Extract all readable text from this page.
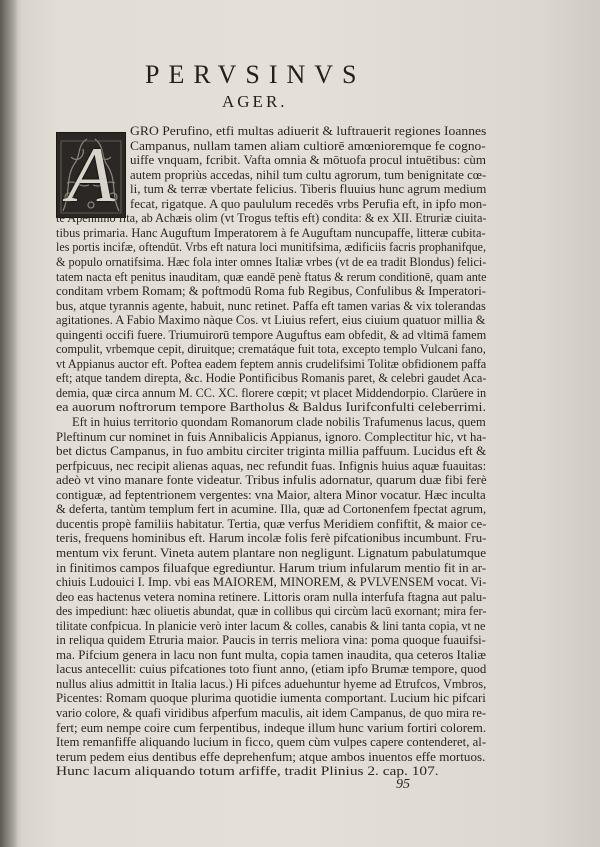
PERVSINVS
AGER.
A	GRO Perufino, etfi multas adiuerit & luftrauerit regiones Ioannes
Campanus, nullam tamen aliam cultiorē amœnioremque fe cogno-
uiffe vnquam, fcribit. Vafta omnia & mōtuofa procul intuētibus: cùm
autem propriùs accedas, nihil tum cultu agrorum, tum benignitate cœ-
li, tum & terræ vbertate felicius. Tiberis fluuius hunc agrum medium
fecat, rigatque. A quo paululum recedēs vrbs Perufia eft, in ipfo mon-
te Apennino fita, ab Achæis olim (vt Trogus teftis eft) condita: & ex XII. Etruriæ ciuita-
tibus primaria. Hanc Auguftum Imperatorem à fe Auguftam nuncupaffe, litteræ cubita-
les portis incifæ, oftendūt. Vrbs eft natura loci munitifsima, ædificiis facris prophanifque,
& populo ornatifsima. Hæc fola inter omnes Italiæ vrbes (vt de ea tradit Blondus) felici-
tatem nacta eft penitus inauditam, quæ eandē penè ftatus & rerum conditionē, quam ante
conditam vrbem Romam; & poftmodū Roma fub Regibus, Confulibus & Imperatori-
bus, atque tyrannis agente, habuit, nunc retinet. Paffa eft tamen varias & vix tolerandas
agitationes. A Fabio Maximo nàque Cos. vt Liuius refert, eius ciuium quatuor millia &
quingenti occifi fuere. Triumuirorū tempore Auguftus eam obfedit, & ad vltimā famem
compulit, vrbemque cepit, diruitque; crematáque fuit tota, excepto templo Vulcani fano,
vt Appianus auctor eft. Poftea eadem feptem annis crudelifsimi Tolitæ obfidionem paffa
eft; atque tandem direpta, &c. Hodie Pontificibus Romanis paret, & celebri gaudet Aca-
demia, quæ circa annum M. CC. XC. florere cœpit; vt placet Middendorpio. Clarŭere in
ea auorum noftrorum tempore Bartholus & Baldus Iurifconfulti celeberrimi.
Eft in huius territorio quondam Romanorum clade nobilis Trafumenus lacus, quem
Pleftinum cur nominet in fuis Annibalicis Appianus, ignoro. Complectitur hic, vt ha-
bet dictus Campanus, in fuo ambitu circiter triginta millia paffuum. Lucidus eft &
perfpicuus, nec recipit alienas aquas, nec refundit fuas. Infignis huius aquæ fuauitas:
adeò vt vino manare fonte videatur. Tribus infulis adornatur, quarum duæ fibi ferè
contiguæ, ad feptentrionem vergentes: vna Maior, altera Minor vocatur. Hæc inculta
& deferta, tantùm templum fert in acumine. Illa, quæ ad Cortonenfem fpectat agrum,
ducentis propè familiis habitatur. Tertia, quæ verfus Meridiem confiftit, & maior ce-
teris, frequens hominibus eft. Harum incolæ folis ferè pifcationibus incumbunt. Fru-
mentum vix ferunt. Vineta autem plantare non negligunt. Lignatum pabulatumque
in finitimos campos filuafque egrediuntur. Harum trium infularum mentio fit in ar-
chiuis Ludouici I. Imp. vbi eas MAIOREM, MINOREM, & PVLVENSEM vocat. Vi-
deo eas hactenus vetera nomina retinere. Littoris oram nulla interfufa ftagna aut palu-
des impediunt: hæc oliuetis abundat, quæ in collibus qui circùm lacū exornant; mira fer-
tilitate confpicua. In planicie verò inter lacum & colles, canabis & lini tanta copia, vt ne
in reliqua quidem Etruria maior. Paucis in terris meliora vina: poma quoque fuauifsi-
ma. Pifcium genera in lacu non funt multa, copia tamen inaudita, qua ceteros Italiæ
lacus antecellit: cuius pifcationes toto fiunt anno, (etiam ipfo Brumæ tempore, quod
nullus alius admittit in Italia lacus.) Hi pifces aduehuntur hyeme ad Etrufcos, Vmbros,
Picentes: Romam quoque plurima quotidie iumenta comportant. Lucium hic pifcari
vario colore, & quafi viridibus afperfum maculis, ait idem Campanus, de quo mira re-
fert; eum nempe coire cum ferpentibus, indeque illum hunc varium fortiri colorem.
Item remanfiffe aliquando lucium in ficco, quem cùm vulpes capere contenderet, al-
terum pedem eius dentibus effe deprehenfum; atque ambos inuentos effe mortuos.
Hunc lacum aliquando totum arfiffe, tradit Plinius 2. cap. 107.
95
